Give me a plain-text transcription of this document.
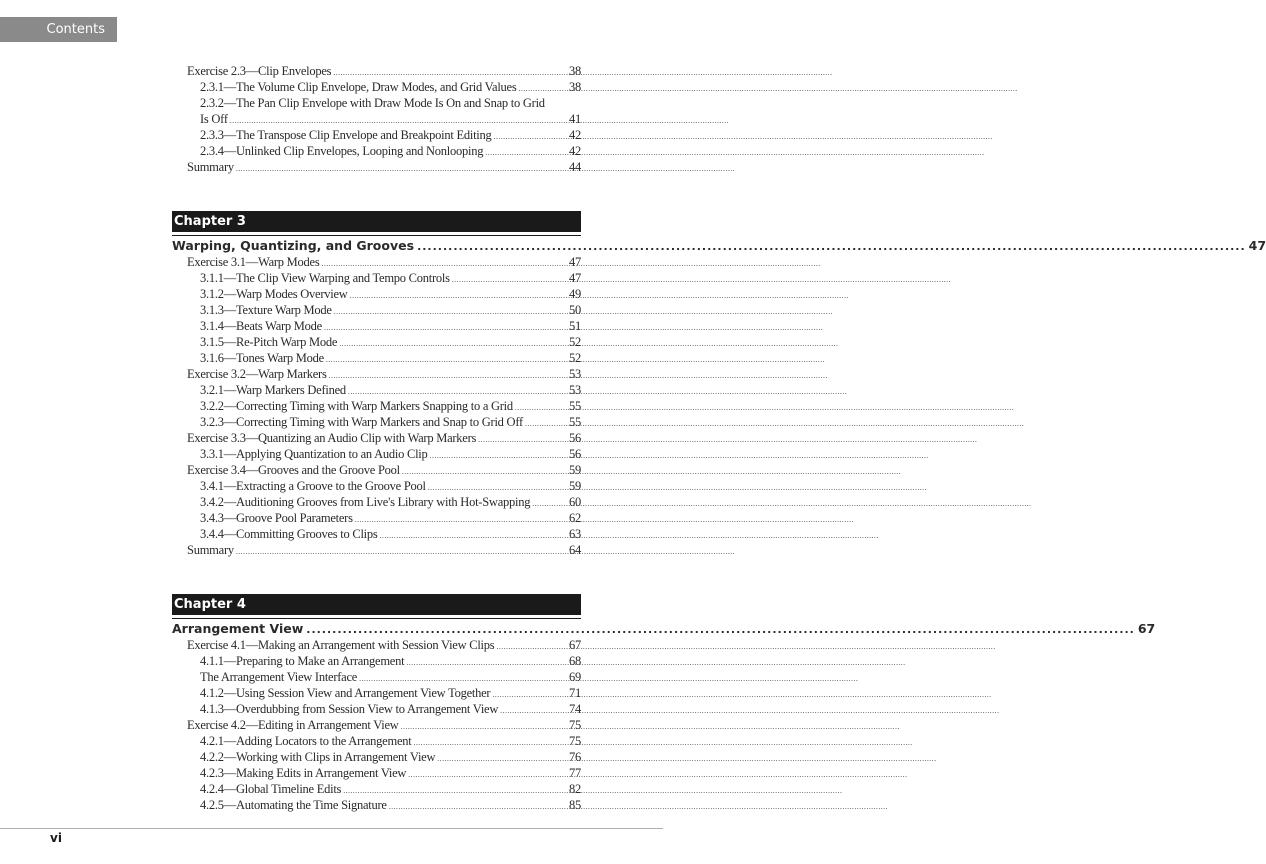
Contents
Exercise 2.3—Clip Envelopes .....	38
2.3.1—The Volume Clip Envelope, Draw Modes, and Grid Values .....	38
2.3.2—The Pan Clip Envelope with Draw Mode Is On and Snap to Grid
Is Off .....	41
2.3.3—The Transpose Clip Envelope and Breakpoint Editing .....	42
2.3.4—Unlinked Clip Envelopes, Looping and Nonlooping .....	42
Summary .....	44
Chapter 3
Warping, Quantizing, and Grooves .....	47
Exercise 3.1—Warp Modes .....	47
3.1.1—The Clip View Warping and Tempo Controls .....	47
3.1.2—Warp Modes Overview .....	49
3.1.3—Texture Warp Mode .....	50
3.1.4—Beats Warp Mode .....	51
3.1.5—Re-Pitch Warp Mode .....	52
3.1.6—Tones Warp Mode .....	52
Exercise 3.2—Warp Markers .....	53
3.2.1—Warp Markers Defined .....	53
3.2.2—Correcting Timing with Warp Markers Snapping to a Grid .....	55
3.2.3—Correcting Timing with Warp Markers and Snap to Grid Off .....	55
Exercise 3.3—Quantizing an Audio Clip with Warp Markers .....	56
3.3.1—Applying Quantization to an Audio Clip .....	56
Exercise 3.4—Grooves and the Groove Pool .....	59
3.4.1—Extracting a Groove to the Groove Pool .....	59
3.4.2—Auditioning Grooves from Live's Library with Hot-Swapping .....	60
3.4.3—Groove Pool Parameters .....	62
3.4.4—Committing Grooves to Clips .....	63
Summary .....	64
Chapter 4
Arrangement View .....	67
Exercise 4.1—Making an Arrangement with Session View Clips .....	67
4.1.1—Preparing to Make an Arrangement .....	68
The Arrangement View Interface .....	69
4.1.2—Using Session View and Arrangement View Together .....	71
4.1.3—Overdubbing from Session View to Arrangement View .....	74
Exercise 4.2—Editing in Arrangement View .....	75
4.2.1—Adding Locators to the Arrangement .....	75
4.2.2—Working with Clips in Arrangement View .....	76
4.2.3—Making Edits in Arrangement View .....	77
4.2.4—Global Timeline Edits .....	82
4.2.5—Automating the Time Signature .....	85
vi
